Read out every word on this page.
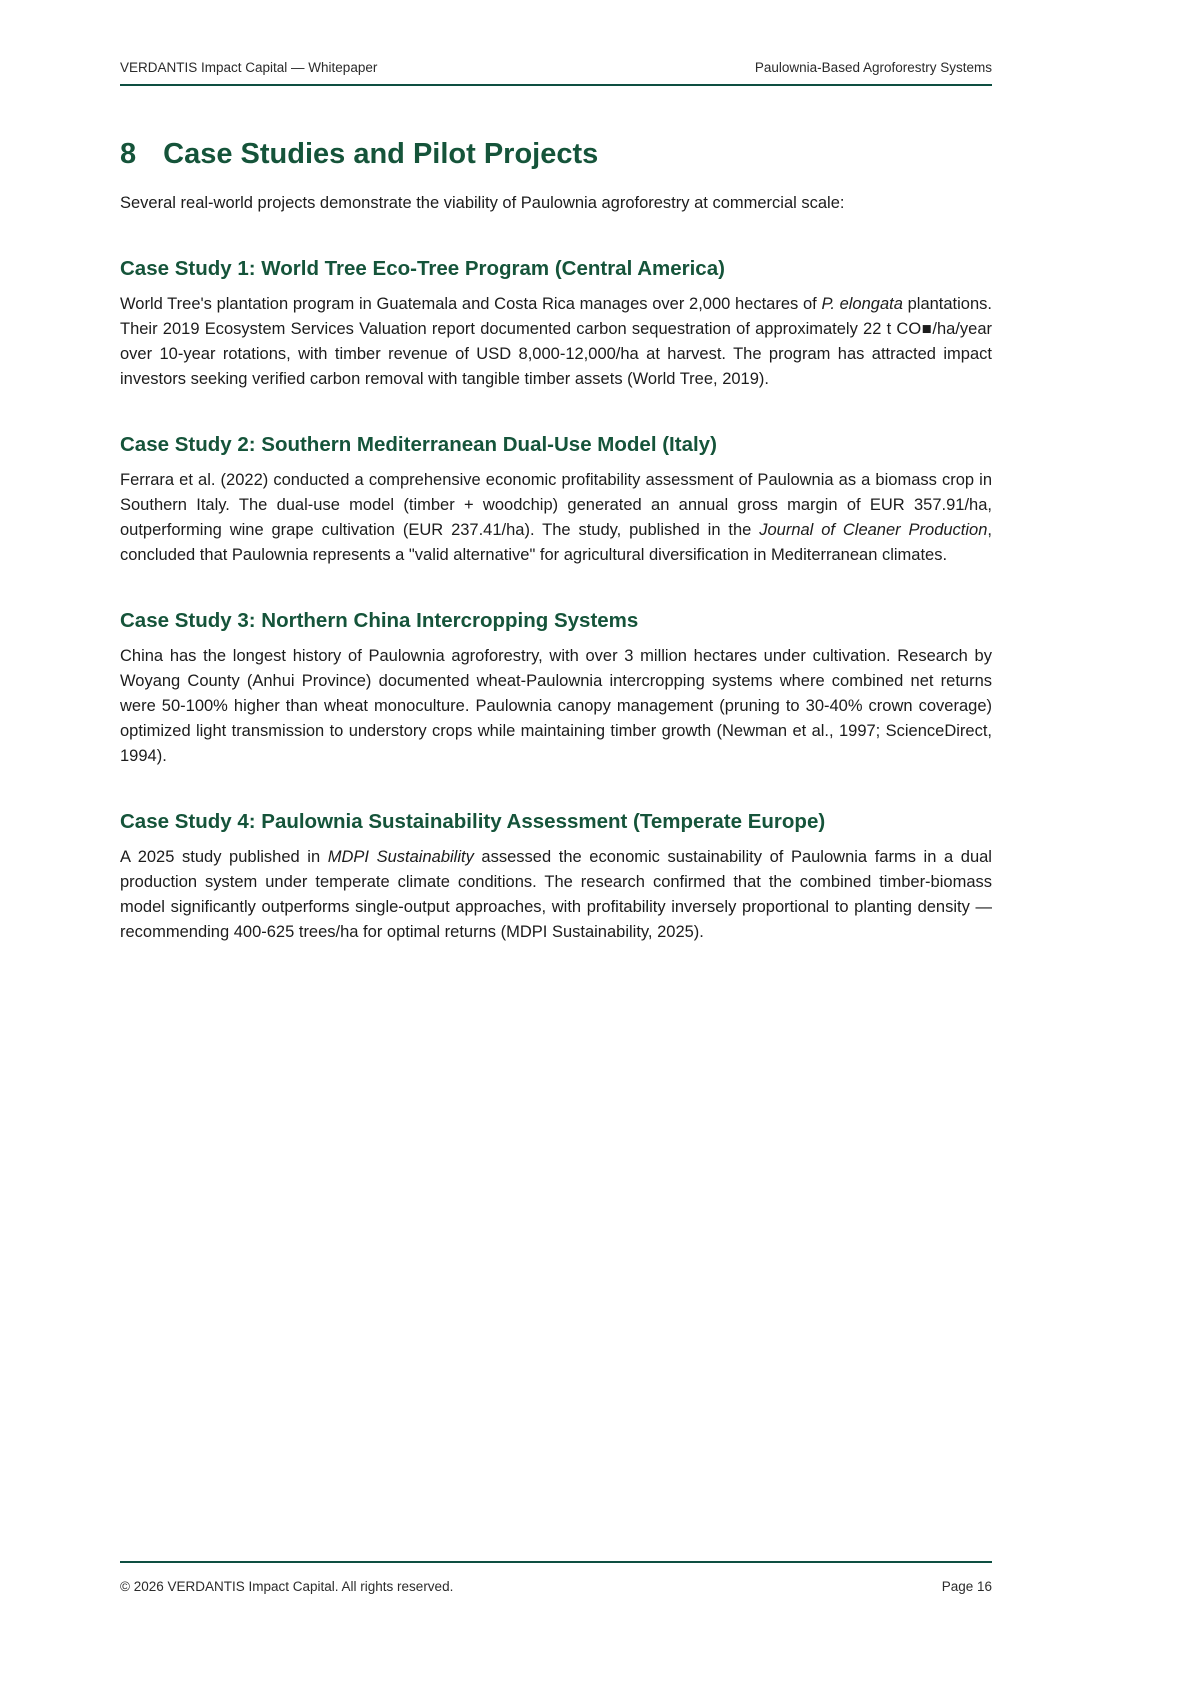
VERDANTIS Impact Capital — Whitepaper	Paulownia-Based Agroforestry Systems
8 Case Studies and Pilot Projects

Several real-world projects demonstrate the viability of Paulownia agroforestry at commercial scale:

Case Study 1: World Tree Eco-Tree Program (Central America)

World Tree's plantation program in Guatemala and Costa Rica manages over 2,000 hectares of P. elongata plantations. Their 2019 Ecosystem Services Valuation report documented carbon sequestration of approximately 22 t CO■/ha/year over 10-year rotations, with timber revenue of USD 8,000-12,000/ha at harvest. The program has attracted impact investors seeking verified carbon removal with tangible timber assets (World Tree, 2019).

Case Study 2: Southern Mediterranean Dual-Use Model (Italy)

Ferrara et al. (2022) conducted a comprehensive economic profitability assessment of Paulownia as a biomass crop in Southern Italy. The dual-use model (timber + woodchip) generated an annual gross margin of EUR 357.91/ha, outperforming wine grape cultivation (EUR 237.41/ha). The study, published in the Journal of Cleaner Production, concluded that Paulownia represents a "valid alternative" for agricultural diversification in Mediterranean climates.

Case Study 3: Northern China Intercropping Systems

China has the longest history of Paulownia agroforestry, with over 3 million hectares under cultivation. Research by Woyang County (Anhui Province) documented wheat-Paulownia intercropping systems where combined net returns were 50-100% higher than wheat monoculture. Paulownia canopy management (pruning to 30-40% crown coverage) optimized light transmission to understory crops while maintaining timber growth (Newman et al., 1997; ScienceDirect, 1994).

Case Study 4: Paulownia Sustainability Assessment (Temperate Europe)

A 2025 study published in MDPI Sustainability assessed the economic sustainability of Paulownia farms in a dual production system under temperate climate conditions. The research confirmed that the combined timber-biomass model significantly outperforms single-output approaches, with profitability inversely proportional to planting density — recommending 400-625 trees/ha for optimal returns (MDPI Sustainability, 2025).

© 2026 VERDANTIS Impact Capital. All rights reserved.	Page 16
